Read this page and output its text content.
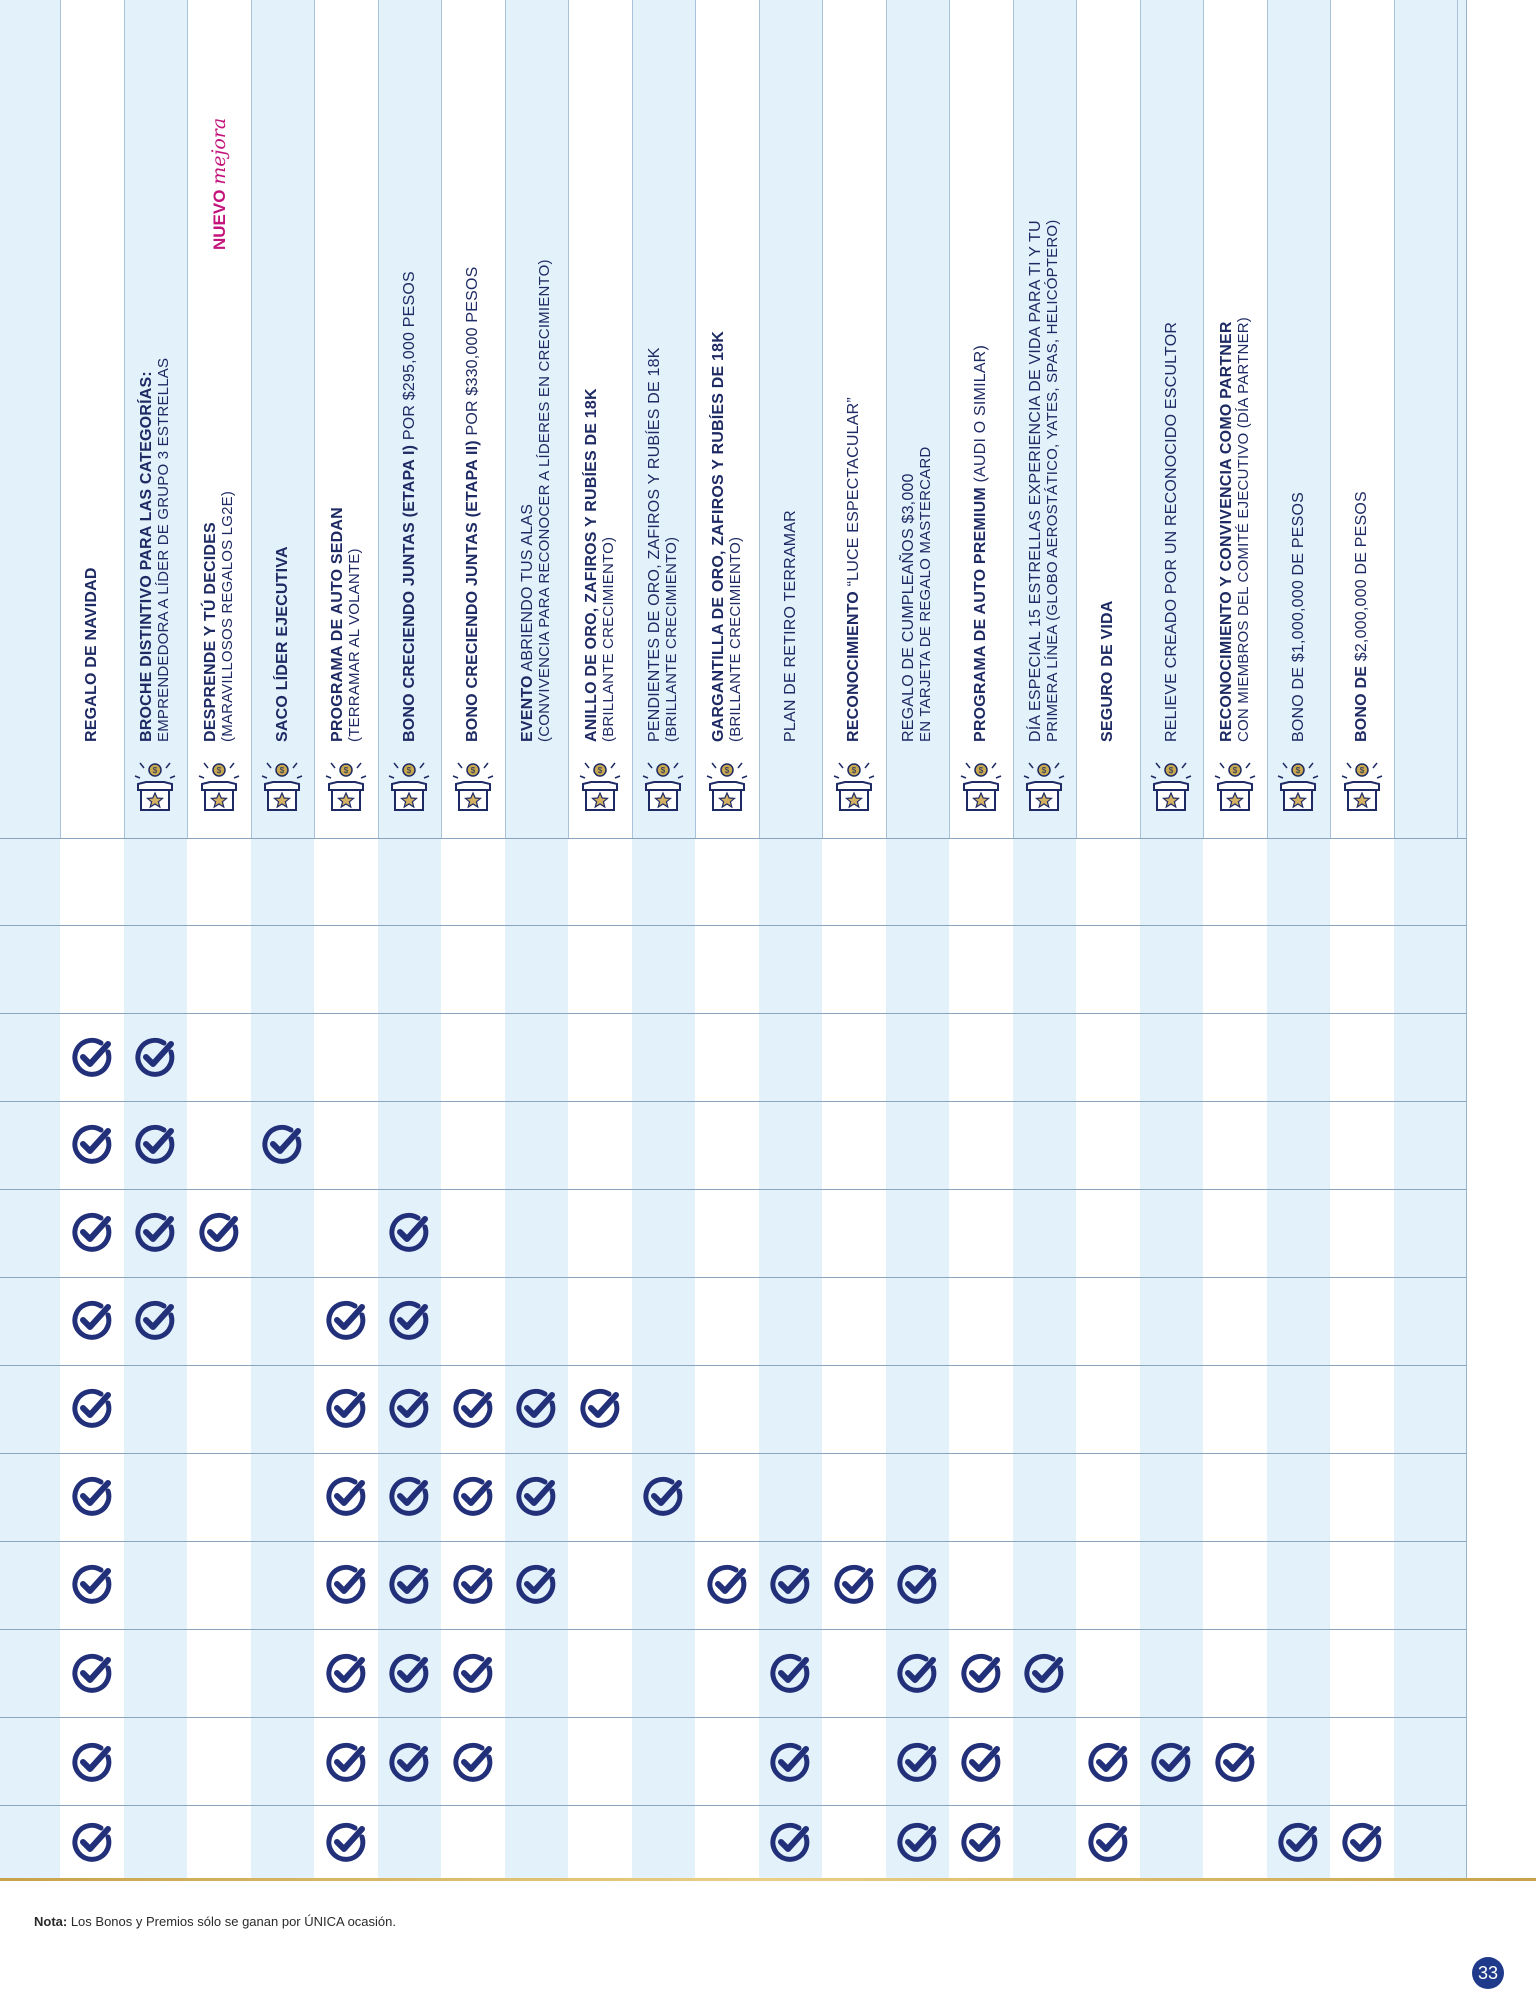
REGALO DE NAVIDAD BROCHE DISTINTIVO PARA LAS CATEGORÍAS: EMPRENDEDORA A LÍDER DE GRUPO 3 ESTRELLAS
$
DESPRENDE Y TÚ DECIDES (MARAVILLOSOS REGALOS LG2E)
$
NUEVO mejora
SACO LÍDER EJECUTIVA
$
PROGRAMA DE AUTO SEDAN (TERRAMAR AL VOLANTE)
$
BONO CRECIENDO JUNTAS (ETAPA I) POR $295,000 PESOS
$
BONO CRECIENDO JUNTAS (ETAPA II) POR $330,000 PESOS
$
EVENTO ABRIENDO TUS ALAS (CONVIVENCIA PARA RECONOCER A LÍDERES EN CRECIMIENTO) ANILLO DE ORO, ZAFIROS Y RUBÍES DE 18K (BRILLANTE CRECIMIENTO)
$
PENDIENTES DE ORO, ZAFIROS Y RUBÍES DE 18K (BRILLANTE CRECIMIENTO)
$
GARGANTILLA DE ORO, ZAFIROS Y RUBÍES DE 18K (BRILLANTE CRECIMIENTO)
$
PLAN DE RETIRO TERRAMAR	RECONOCIMIENTO “LUCE ESPECTACULAR”
$
REGALO DE CUMPLEAÑOS $3,000 EN TARJETA DE REGALO MASTERCARD PROGRAMA DE AUTO PREMIUM (AUDI O SIMILAR)
$
DÍA ESPECIAL 15 ESTRELLAS EXPERIENCIA DE VIDA PARA TI Y TU PRIMERA LÍNEA (GLOBO AEROSTÁTICO, YATES, SPAS, HELICÓPTERO)
$
SEGURO DE VIDA	RELIEVE CREADO POR UN RECONOCIDO ESCULTOR
$
RECONOCIMIENTO Y CONVIVENCIA COMO PARTNER CON MIEMBROS DEL COMITÉ EJECUTIVO (DÍA PARTNER)
$
BONO DE $1,000,000 DE PESOS
$
BONO DE $2,000,000 DE PESOS
$
Nota: Los Bonos y Premios sólo se ganan por ÚNICA ocasión.
33
